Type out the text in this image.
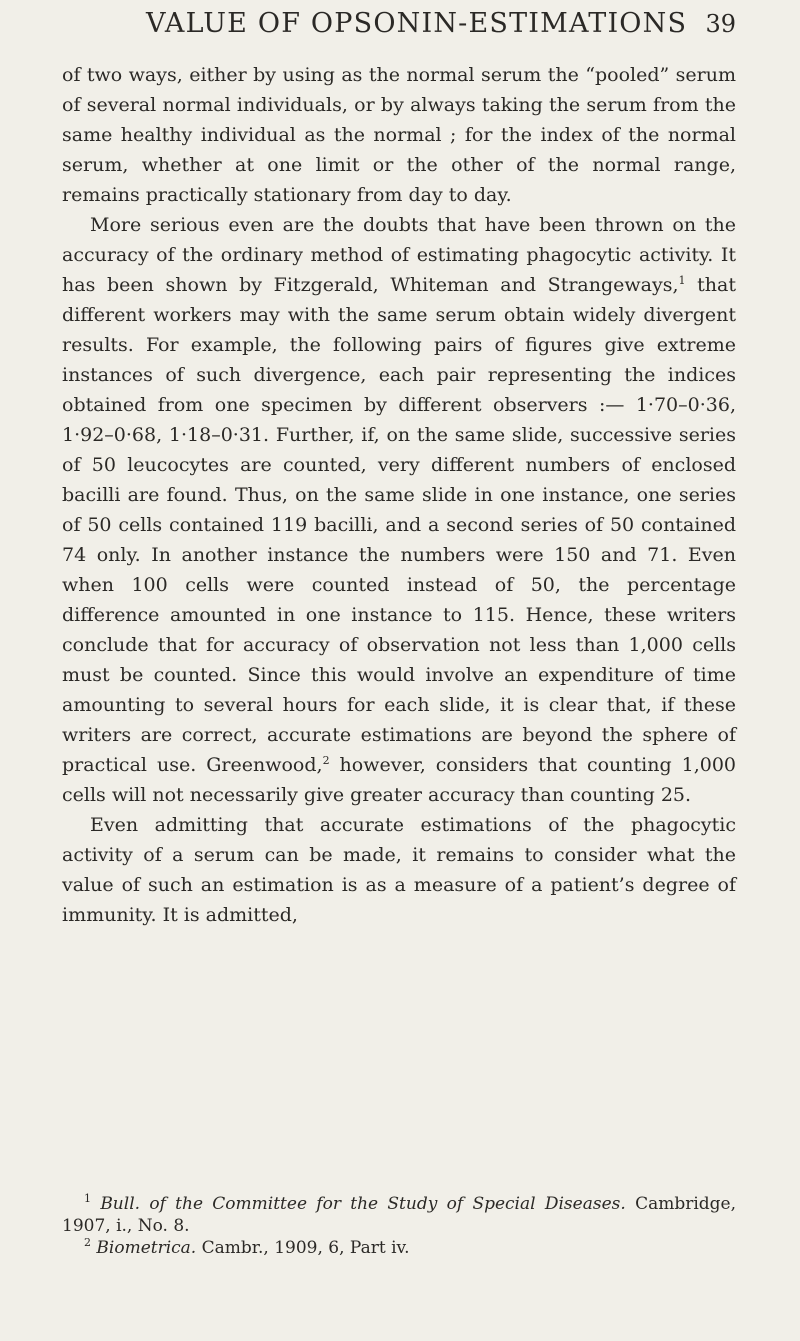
VALUE OF OPSONIN-ESTIMATIONS 39

of two ways, either by using as the normal serum the “pooled” serum of several normal individuals, or by always taking the serum from the same healthy individual as the normal ; for the index of the normal serum, whether at one limit or the other of the normal range, remains practically stationary from day to day.

More serious even are the doubts that have been thrown on the accuracy of the ordinary method of estimating phagocytic activity. It has been shown by Fitzgerald, Whiteman and Strangeways,$^1$ that different workers may with the same serum obtain widely divergent results. For example, the following pairs of figures give extreme instances of such divergence, each pair representing the indices obtained from one specimen by different observers :— 1·70–0·36, 1·92–0·68, 1·18–0·31. Further, if, on the same slide, successive series of 50 leucocytes are counted, very different numbers of enclosed bacilli are found. Thus, on the same slide in one instance, one series of 50 cells contained 119 bacilli, and a second series of 50 contained 74 only. In another instance the numbers were 150 and 71. Even when 100 cells were counted instead of 50, the percentage difference amounted in one instance to 115. Hence, these writers conclude that for accuracy of observation not less than 1,000 cells must be counted. Since this would involve an expenditure of time amounting to several hours for each slide, it is clear that, if these writers are correct, accurate estimations are beyond the sphere of practical use. Greenwood,$^2$ however, considers that counting 1,000 cells will not necessarily give greater accuracy than counting 25.

Even admitting that accurate estimations of the phagocytic activity of a serum can be made, it remains to consider what the value of such an estimation is as a measure of a patient’s degree of immunity. It is admitted,

$^1$ Bull. of the Committee for the Study of Special Diseases. Cambridge, 1907, i., No. 8.

$^2$ Biometrica. Cambr., 1909, 6, Part iv.
